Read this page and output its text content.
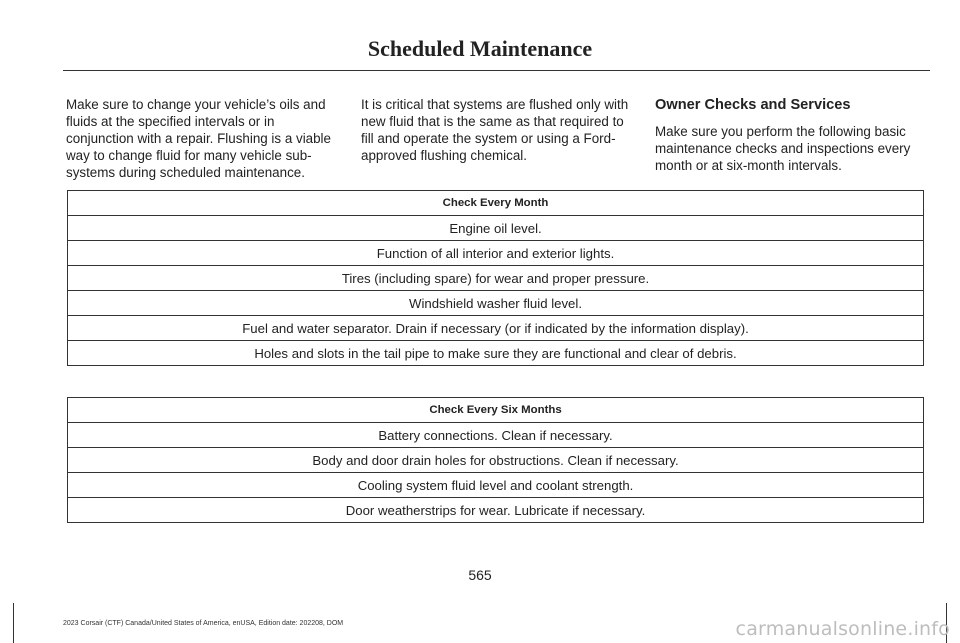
Scheduled Maintenance

Make sure to change your vehicle’s oils and fluids at the specified intervals or in conjunction with a repair. Flushing is a viable way to change fluid for many vehicle sub-systems during scheduled maintenance.

It is critical that systems are flushed only with new fluid that is the same as that required to fill and operate the system or using a Ford-approved flushing chemical.

Owner Checks and Services

Make sure you perform the following basic maintenance checks and inspections every month or at six-month intervals.

Check Every Month
Engine oil level.
Function of all interior and exterior lights.
Tires (including spare) for wear and proper pressure.
Windshield washer fluid level.
Fuel and water separator. Drain if necessary (or if indicated by the information display).
Holes and slots in the tail pipe to make sure they are functional and clear of debris.
Check Every Six Months
Battery connections. Clean if necessary.
Body and door drain holes for obstructions. Clean if necessary.
Cooling system fluid level and coolant strength.
Door weatherstrips for wear. Lubricate if necessary.
565
2023 Corsair (CTF) Canada/United States of America, enUSA, Edition date: 202208, DOM	carmanualsonline.info
